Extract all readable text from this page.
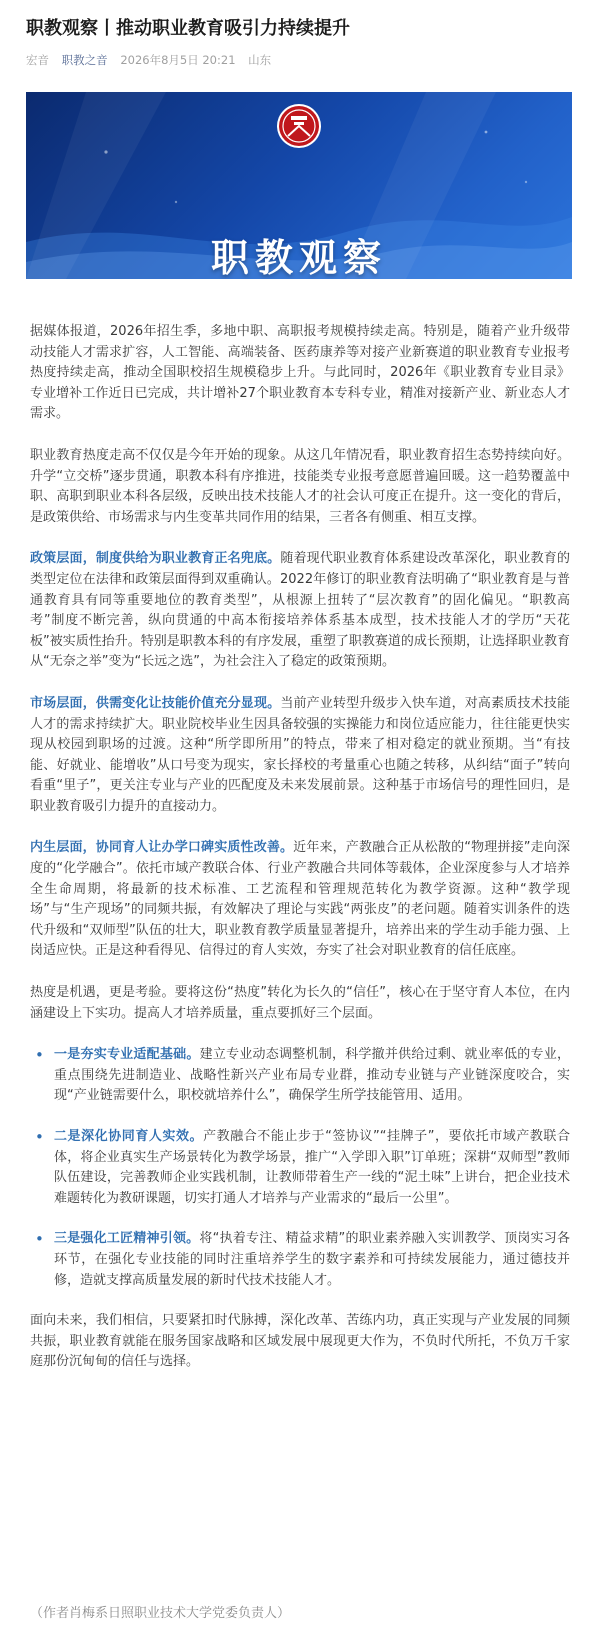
职教观察丨推动职业教育吸引力持续提升
宏音 职教之音 2026年8月5日 20:21 山东
职教观察

据媒体报道，2026年招生季，多地中职、高职报考规模持续走高。特别是，随着产业升级带动技能人才需求扩容，人工智能、高端装备、医药康养等对接产业新赛道的职业教育专业报考热度持续走高，推动全国职校招生规模稳步上升。与此同时，2026年《职业教育专业目录》专业增补工作近日已完成，共计增补27个职业教育本专科专业，精准对接新产业、新业态人才需求。

职业教育热度走高不仅仅是今年开始的现象。从这几年情况看，职业教育招生态势持续向好。升学“立交桥”逐步贯通，职教本科有序推进，技能类专业报考意愿普遍回暖。这一趋势覆盖中职、高职到职业本科各层级，反映出技术技能人才的社会认可度正在提升。这一变化的背后，是政策供给、市场需求与内生变革共同作用的结果，三者各有侧重、相互支撑。

政策层面，制度供给为职业教育正名兜底。随着现代职业教育体系建设改革深化，职业教育的类型定位在法律和政策层面得到双重确认。2022年修订的职业教育法明确了“职业教育是与普通教育具有同等重要地位的教育类型”，从根源上扭转了“层次教育”的固化偏见。“职教高考”制度不断完善，纵向贯通的中高本衔接培养体系基本成型，技术技能人才的学历“天花板”被实质性抬升。特别是职教本科的有序发展，重塑了职教赛道的成长预期，让选择职业教育从“无奈之举”变为“长远之选”，为社会注入了稳定的政策预期。

市场层面，供需变化让技能价值充分显现。当前产业转型升级步入快车道，对高素质技术技能人才的需求持续扩大。职业院校毕业生因具备较强的实操能力和岗位适应能力，往往能更快实现从校园到职场的过渡。这种“所学即所用”的特点，带来了相对稳定的就业预期。当“有技能、好就业、能增收”从口号变为现实，家长择校的考量重心也随之转移，从纠结“面子”转向看重“里子”，更关注专业与产业的匹配度及未来发展前景。这种基于市场信号的理性回归，是职业教育吸引力提升的直接动力。

内生层面，协同育人让办学口碑实质性改善。近年来，产教融合正从松散的“物理拼接”走向深度的“化学融合”。依托市域产教联合体、行业产教融合共同体等载体，企业深度参与人才培养全生命周期，将最新的技术标准、工艺流程和管理规范转化为教学资源。这种“教学现场”与“生产现场”的同频共振，有效解决了理论与实践“两张皮”的老问题。随着实训条件的迭代升级和“双师型”队伍的壮大，职业教育教学质量显著提升，培养出来的学生动手能力强、上岗适应快。正是这种看得见、信得过的育人实效，夯实了社会对职业教育的信任底座。

热度是机遇，更是考验。要将这份“热度”转化为长久的“信任”，核心在于坚守育人本位，在内涵建设上下实功。提高人才培养质量，重点要抓好三个层面。

• 一是夯实专业适配基础。建立专业动态调整机制，科学撤并供给过剩、就业率低的专业，重点围绕先进制造业、战略性新兴产业布局专业群，推动专业链与产业链深度咬合，实现“产业链需要什么，职校就培养什么”，确保学生所学技能管用、适用。
• 二是深化协同育人实效。产教融合不能止步于“签协议”“挂牌子”，要依托市域产教联合体，将企业真实生产场景转化为教学场景，推广“入学即入职”订单班；深耕“双师型”教师队伍建设，完善教师企业实践机制，让教师带着生产一线的“泥土味”上讲台，把企业技术难题转化为教研课题，切实打通人才培养与产业需求的“最后一公里”。
• 三是强化工匠精神引领。将“执着专注、精益求精”的职业素养融入实训教学、顶岗实习各环节，在强化专业技能的同时注重培养学生的数字素养和可持续发展能力，通过德技并修，造就支撑高质量发展的新时代技术技能人才。

面向未来，我们相信，只要紧扣时代脉搏，深化改革、苦练内功，真正实现与产业发展的同频共振，职业教育就能在服务国家战略和区域发展中展现更大作为，不负时代所托，不负万千家庭那份沉甸甸的信任与选择。

（作者肖梅系日照职业技术大学党委负责人）
